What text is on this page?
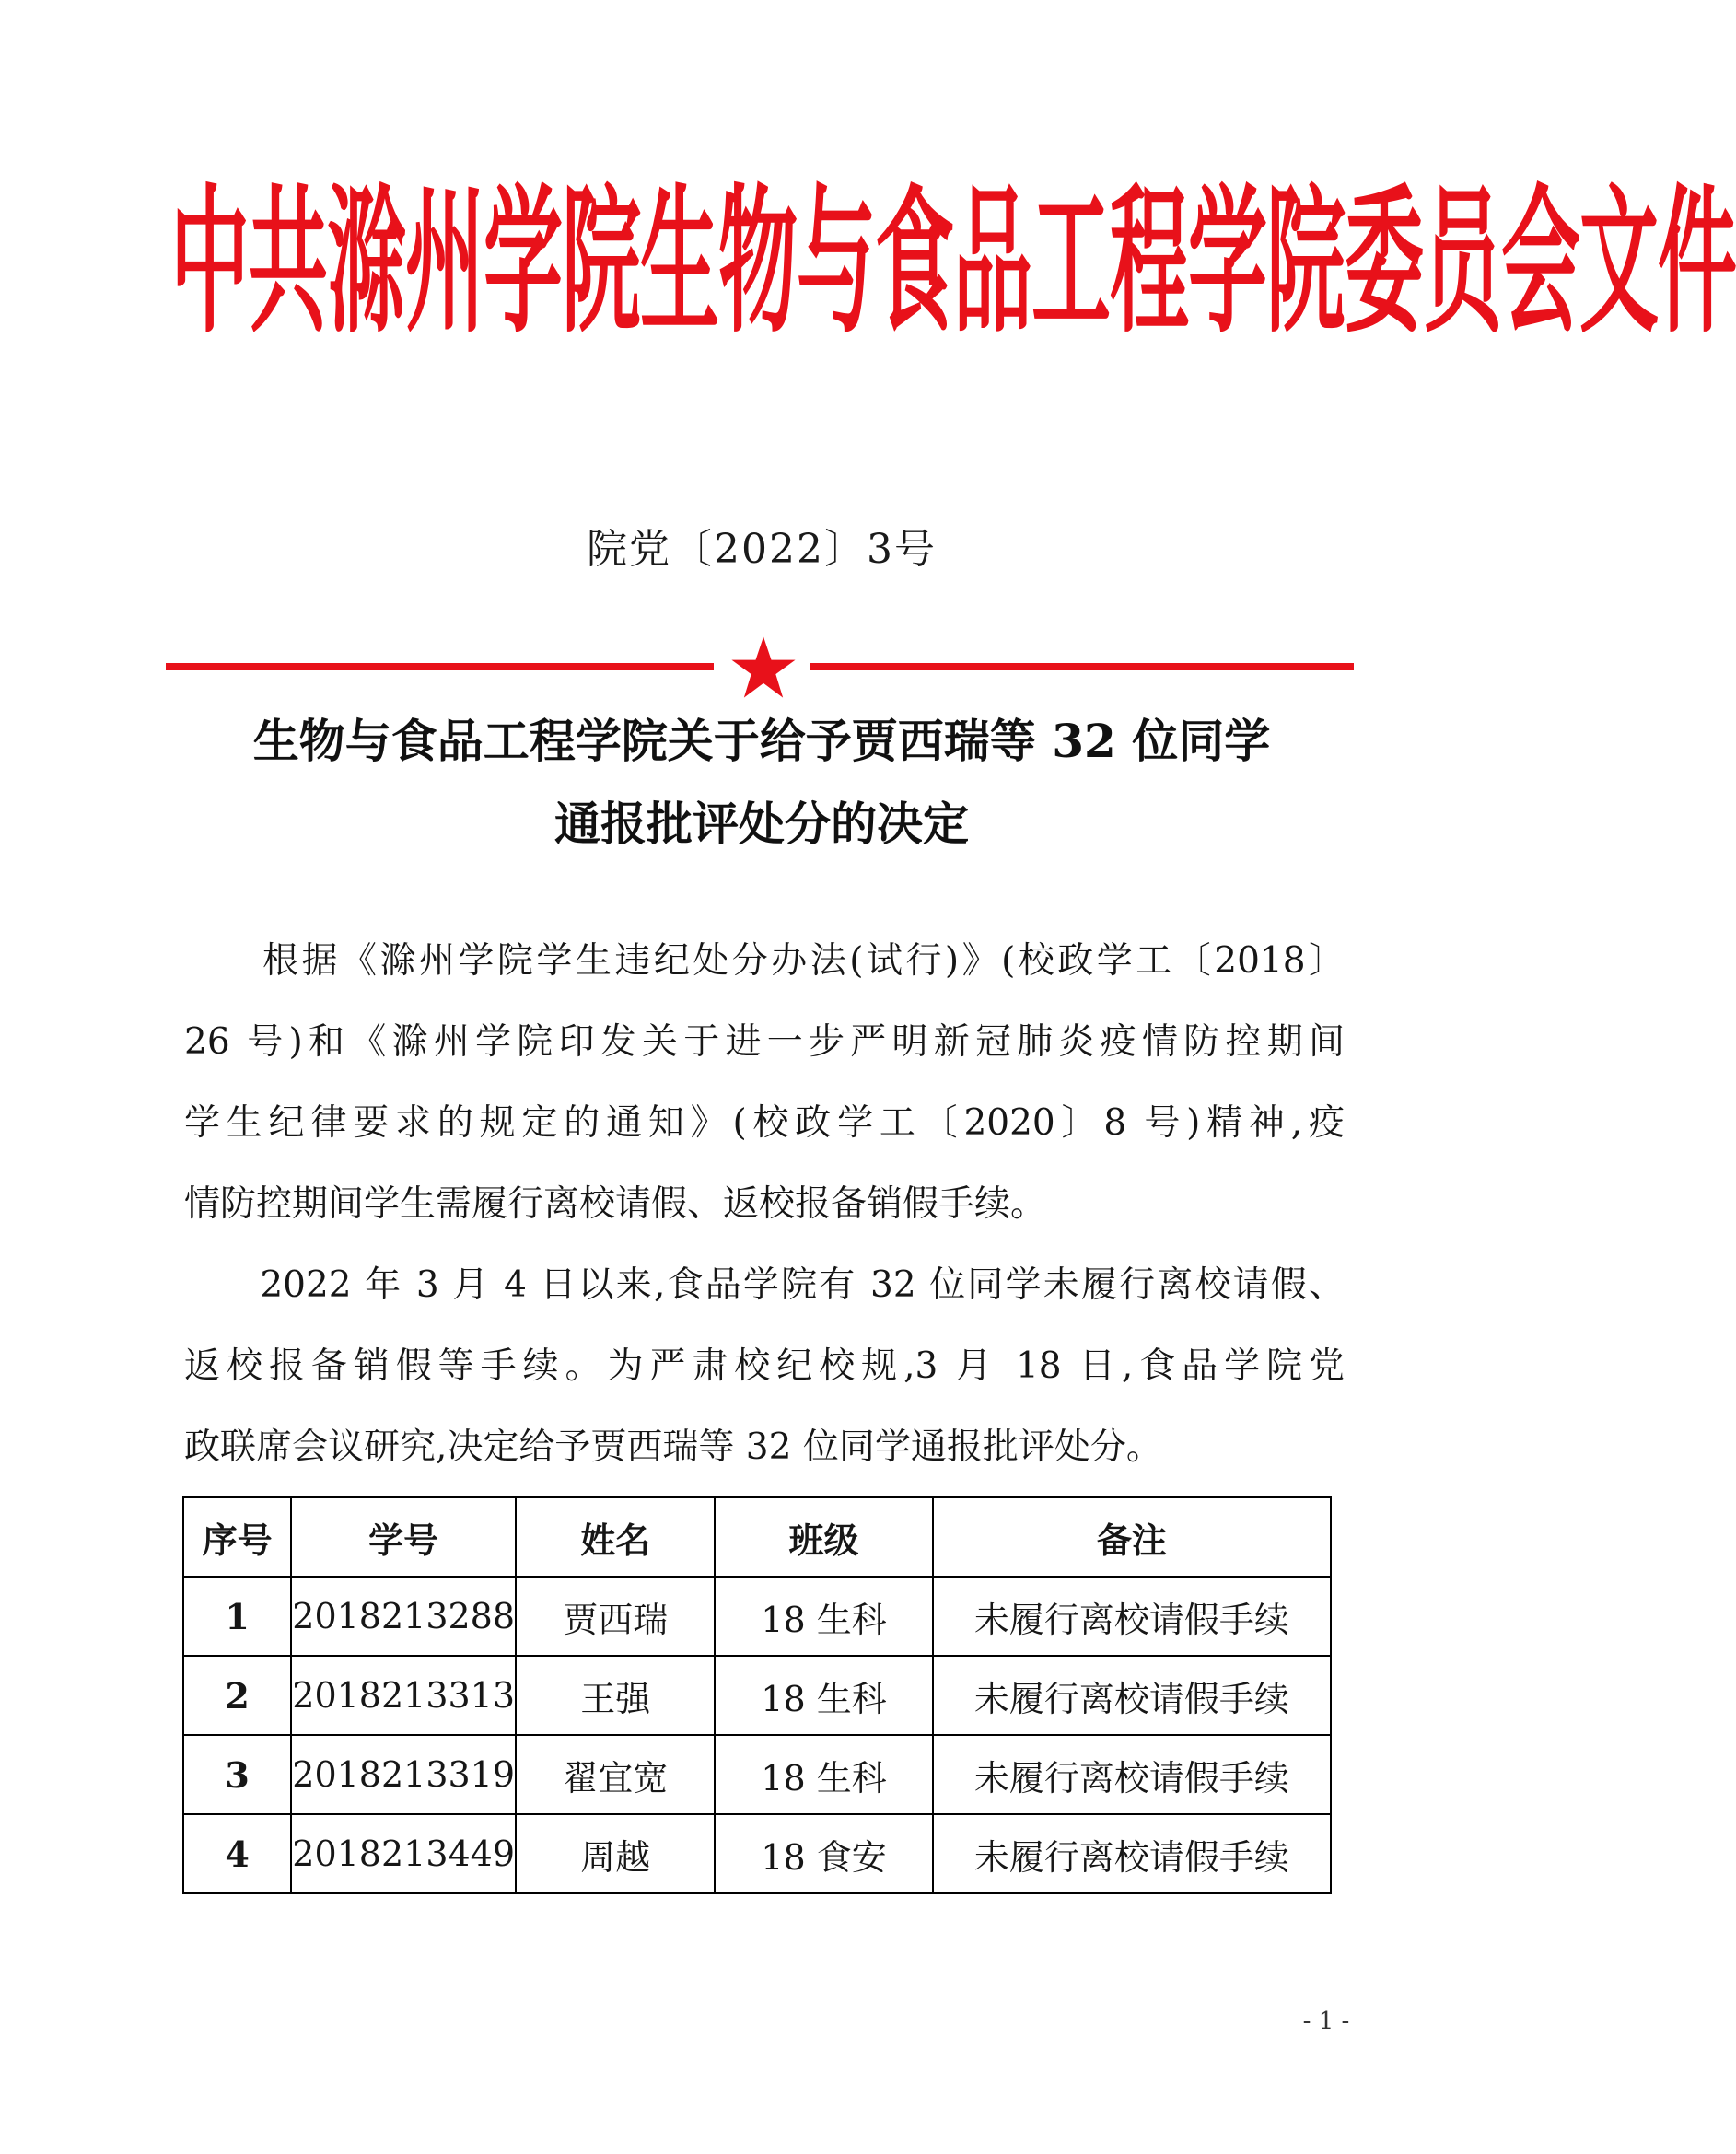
中共滁州学院生物与食品工程学院委员会文件
院党〔2022〕3号
生物与食品工程学院关于给予贾西瑞等 32 位同学
通报批评处分的决定
　　根据《滁州学院学生违纪处分办法(试行)》(校政学工〔2018〕
26 号)和《滁州学院印发关于进一步严明新冠肺炎疫情防控期间
学生纪律要求的规定的通知》(校政学工〔2020〕8 号)精神,疫
情防控期间学生需履行离校请假、返校报备销假手续。
　　2022 年 3 月 4 日以来,食品学院有 32 位同学未履行离校请假、
返校报备销假等手续。为严肃校纪校规,3 月 18 日,食品学院党
政联席会议研究,决定给予贾西瑞等 32 位同学通报批评处分。
序号	学号	姓名	班级	备注
1	2018213288	贾西瑞	18 生科	未履行离校请假手续
2	2018213313	王强	18 生科	未履行离校请假手续
3	2018213319	翟宜宽	18 生科	未履行离校请假手续
4	2018213449	周越	18 食安	未履行离校请假手续
- 1 -
